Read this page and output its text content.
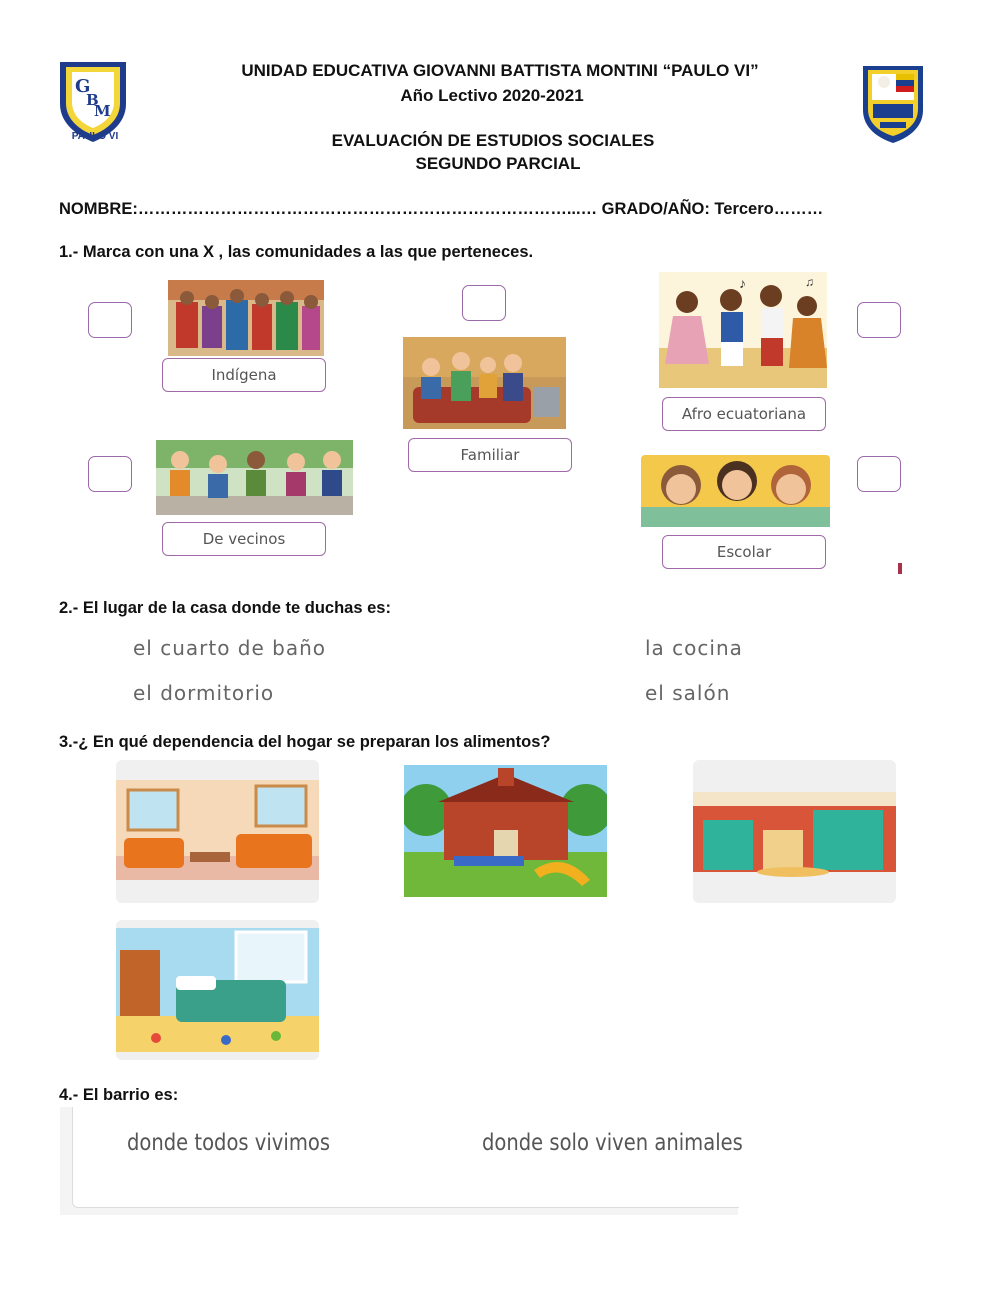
G
B
M
PAULO VI
UNIDAD EDUCATIVA GIOVANNI BATTISTA MONTINI “PAULO VI”
Año Lectivo 2020-2021
EVALUACIÓN DE ESTUDIOS SOCIALES
SEGUNDO PARCIAL
NOMBRE:……………………………………………………………………...… GRADO/AÑO: Tercero………
1.- Marca con una X , las comunidades a las que perteneces.
Indígena
Familiar
♪	♫
Afro ecuatoriana
De vecinos
Escolar
2.- El lugar de la casa donde te duchas es:
el cuarto de baño	la cocina
el dormitorio	el salón
3.-¿ En qué dependencia del hogar se preparan los alimentos?
4.- El barrio es:
donde todos vivimos	donde solo viven animales
